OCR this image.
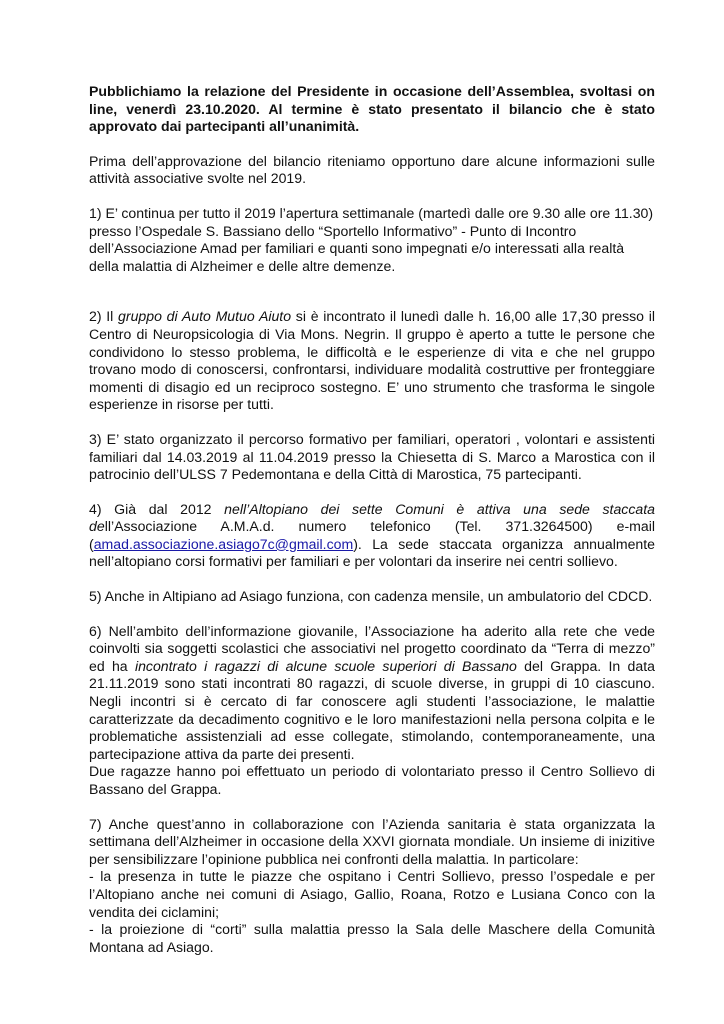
Pubblichiamo la relazione del Presidente in occasione dell’Assemblea, svoltasi on line, venerdì 23.10.2020. Al termine è stato presentato il bilancio che è stato approvato dai partecipanti all’unanimità.

Prima dell’approvazione del bilancio riteniamo opportuno dare alcune informazioni sulle attività associative svolte nel 2019.

1) E’ continua per tutto il 2019 l’apertura settimanale (martedì dalle ore 9.30 alle ore 11.30) presso l’Ospedale S. Bassiano dello “Sportello Informativo” - Punto di Incontro dell’Associazione Amad per familiari e quanti sono impegnati e/o interessati alla realtà della malattia di Alzheimer e delle altre demenze.

2) Il gruppo di Auto Mutuo Aiuto si è incontrato il lunedì dalle h. 16,00 alle 17,30 presso il Centro di Neuropsicologia di Via Mons. Negrin. Il gruppo è aperto a tutte le persone che condividono lo stesso problema, le difficoltà e le esperienze di vita e che nel gruppo trovano modo di conoscersi, confrontarsi, individuare modalità costruttive per fronteggiare momenti di disagio ed un reciproco sostegno. E’ uno strumento che trasforma le singole esperienze in risorse per tutti.

3) E’ stato organizzato il percorso formativo per familiari, operatori , volontari e assistenti familiari dal 14.03.2019 al 11.04.2019 presso la Chiesetta di S. Marco a Marostica con il patrocinio dell’ULSS 7 Pedemontana e della Città di Marostica, 75 partecipanti.

4) Già dal 2012 nell’Altopiano dei sette Comuni è attiva una sede staccata dell’Associazione A.M.A.d. numero telefonico (Tel. 371.3264500) e-mail (amad.associazione.asiago7c@gmail.com). La sede staccata organizza annualmente nell’altopiano corsi formativi per familiari e per volontari da inserire nei centri sollievo.

5) Anche in Altipiano ad Asiago funziona, con cadenza mensile, un ambulatorio del CDCD.

6) Nell’ambito dell’informazione giovanile, l’Associazione ha aderito alla rete che vede coinvolti sia soggetti scolastici che associativi nel progetto coordinato da “Terra di mezzo” ed ha incontrato i ragazzi di alcune scuole superiori di Bassano del Grappa. In data 21.11.2019 sono stati incontrati 80 ragazzi, di scuole diverse, in gruppi di 10 ciascuno. Negli incontri si è cercato di far conoscere agli studenti l’associazione, le malattie caratterizzate da decadimento cognitivo e le loro manifestazioni nella persona colpita e le problematiche assistenziali ad esse collegate, stimolando, contemporaneamente, una partecipazione attiva da parte dei presenti.

Due ragazze hanno poi effettuato un periodo di volontariato presso il Centro Sollievo di Bassano del Grappa.

7) Anche quest’anno in collaborazione con l’Azienda sanitaria è stata organizzata la settimana dell’Alzheimer in occasione della XXVI giornata mondiale. Un insieme di inizitive per sensibilizzare l’opinione pubblica nei confronti della malattia. In particolare:

- la presenza in tutte le piazze che ospitano i Centri Sollievo, presso l’ospedale e per l’Altopiano anche nei comuni di Asiago, Gallio, Roana, Rotzo e Lusiana Conco con la vendita dei ciclamini;

- la proiezione di “corti” sulla malattia presso la Sala delle Maschere della Comunità Montana ad Asiago.
